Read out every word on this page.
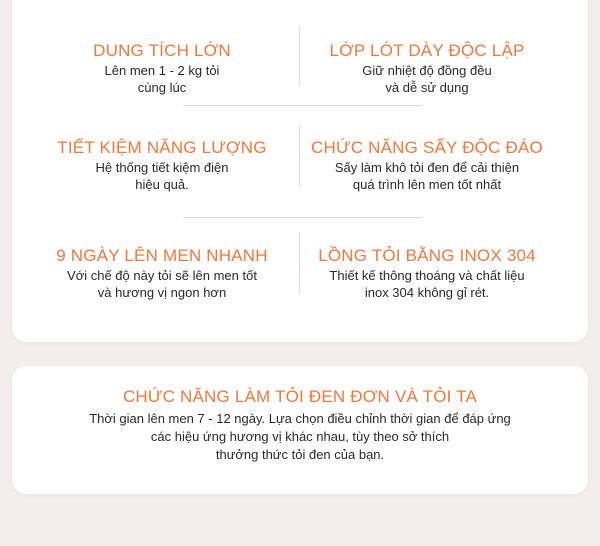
DUNG TÍCH LỚN
Lên men 1 - 2 kg tỏi
cùng lúc
LỚP LÓT DÀY ĐỘC LẬP
Giữ nhiệt độ đồng đều
và dễ sử dụng
TIẾT KIỆM NĂNG LƯỢNG
Hệ thống tiết kiệm điện
hiệu quả.
CHỨC NĂNG SẤY ĐỘC ĐÁO
Sấy làm khô tỏi đen để cải thiện
quá trình lên men tốt nhất
9 NGÀY LÊN MEN NHANH
Với chế độ này tỏi sẽ lên men tốt
và hương vị ngon hơn
LỒNG TỎI BẰNG INOX 304
Thiết kế thông thoáng và chất liệu
inox 304 không gỉ rét.
CHỨC NĂNG LÀM TỎI ĐEN ĐƠN VÀ TỎI TA
Thời gian lên men 7 - 12 ngày. Lựa chọn điều chỉnh thời gian để đáp ứng
các hiệu ứng hương vị khác nhau, tùy theo sở thích
thưởng thức tỏi đen của bạn.
